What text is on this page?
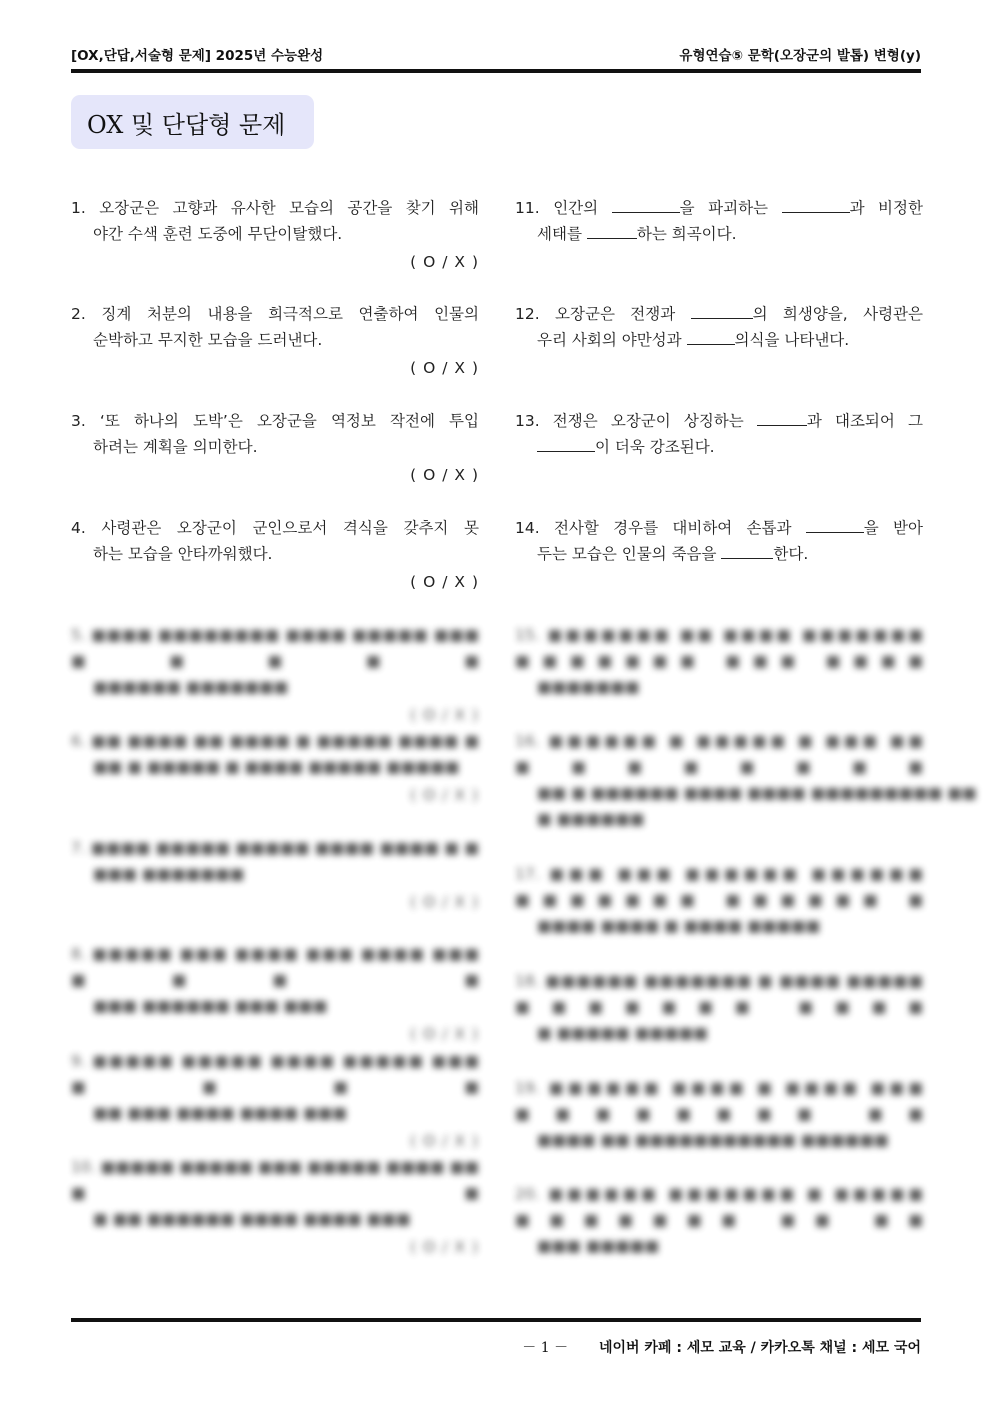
[OX,단답,서술형 문제] 2025년 수능완성	유형연습⑤ 문학(오장군의 발톱) 변형(y)
OX 및 단답형 문제
1. 오장군은 고향과 유사한 모습의 공간을 찾기 위해
야간 수색 훈련 도중에 무단이탈했다.
( O / X )
2. 징계 처분의 내용을 희극적으로 연출하여 인물의
순박하고 무지한 모습을 드러낸다.
( O / X )
3. ‘또 하나의 도박’은 오장군을 역정보 작전에 투입
하려는 계획을 의미한다.
( O / X )
4. 사령관은 오장군이 군인으로서 격식을 갖추지 못
하는 모습을 안타까워했다.
( O / X )
5. ■■■■ ■■■■■■■■ ■■■■ ■■■■■ ■■■ ■■■■■
■■■■■■ ■■■■■■■
( O / X )
6. ■■ ■■■■ ■■ ■■■■ ■ ■■■■■ ■■■■ ■
■■ ■ ■■■■■ ■ ■■■■ ■■■■■ ■■■■■
( O / X )
7. ■■■■ ■■■■■ ■■■■■ ■■■■ ■■■■ ■ ■
■■■ ■■■■■■■
( O / X )
8. ■■■■■ ■■■ ■■■■ ■■■ ■■■■ ■■■ ■■■ ■
■■■ ■■■■■■ ■■■ ■■■
( O / X )
9. ■■■■■ ■■■■■ ■■■■ ■■■■■ ■■■ ■■■■
■■ ■■■ ■■■■ ■■■■ ■■■
( O / X )
10. ■■■■■ ■■■■■ ■■■ ■■■■■ ■■■■ ■■ ■■
■ ■■ ■■■■■■ ■■■■ ■■■■ ■■■
( O / X )
11. 인간의	을 파괴하는	과 비정한
세태를	하는 희곡이다.
12. 오장군은 전쟁과	의 희생양을, 사령관은
우리 사회의 야만성과	의식을 나타낸다.
13. 전쟁은 오장군이 상징하는	과 대조되어 그
이 더욱 강조된다.
14. 전사할 경우를 대비하여 손톱과	을 받아
두는 모습은 인물의 죽음을	한다.
15. ■■■■■■■ ■■ ■■■■ ■■■■■■■ ■■■■■■■ ■■■ ■■■■
■■■■■■■
16. ■■■■■■ ■ ■■■■■ ■ ■■■ ■■ ■■■■■■■■
■■ ■ ■■■■■■ ■■■■ ■■■■ ■■■■■■■■■ ■■
■ ■■■■■■
17. ■■■ ■■■ ■■■■■■ ■■■■■■ ■■■■■■■ ■■■■■■ ■
■■■■ ■■■■ ■ ■■■■ ■■■■■
18. ■■■■■■ ■■■■■■■ ■ ■■■■ ■■■■■ ■■■■■■■ ■■■■
■ ■■■■■ ■■■■■
19. ■■■■■■ ■■■■ ■ ■■■■ ■■■ ■■■■■■■■ ■■
■■■■ ■■ ■■■■■■■■■■■ ■■■■■■
20. ■■■■■■ ■■■■■■■ ■ ■■■■■ ■■■■■■■ ■■ ■■
■■■ ■■■■■
－ 1 － 네이버 카페 : 세모 교육 / 카카오톡 채널 : 세모 국어
